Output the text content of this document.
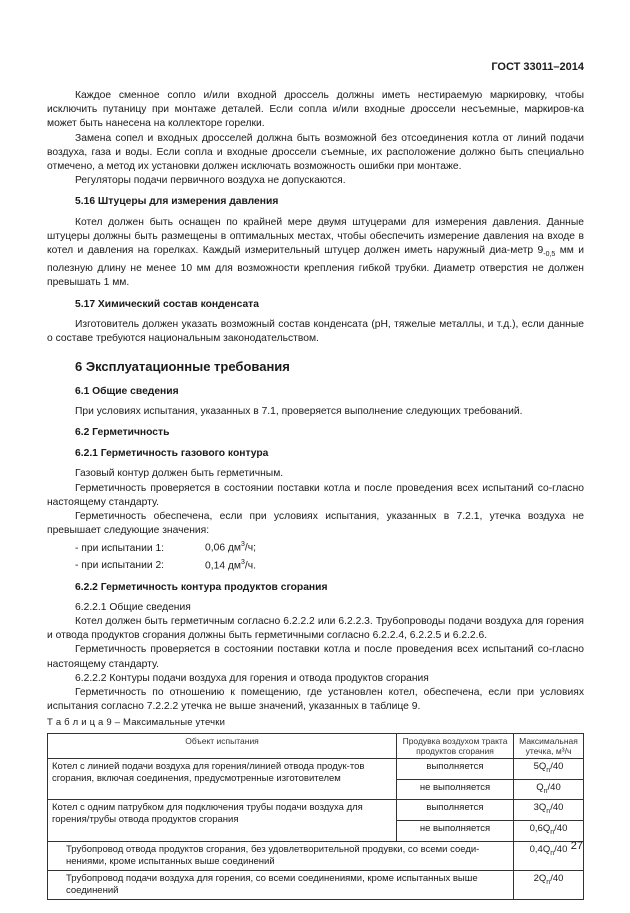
ГОСТ 33011–2014

Каждое сменное сопло и/или входной дроссель должны иметь нестираемую маркировку, чтобы исключить путаницу при монтаже деталей. Если сопла и/или входные дроссели несъемные, маркиров-ка может быть нанесена на коллекторе горелки.

Замена сопел и входных дросселей должна быть возможной без отсоединения котла от линий подачи воздуха, газа и воды. Если сопла и входные дроссели съемные, их расположение должно быть специально отмечено, а метод их установки должен исключать возможность ошибки при монтаже.

Регуляторы подачи первичного воздуха не допускаются.

5.16 Штуцеры для измерения давления

Котел должен быть оснащен по крайней мере двумя штуцерами для измерения давления. Данные штуцеры должны быть размещены в оптимальных местах, чтобы обеспечить измерение давления на входе в котел и давления на горелках. Каждый измерительный штуцер должен иметь наружный диа-метр $9_{-0,5}$ мм и полезную длину не менее 10 мм для возможности крепления гибкой трубки. Диаметр отверстия не должен превышать 1 мм.

5.17 Химический состав конденсата

Изготовитель должен указать возможный состав конденсата (pH, тяжелые металлы, и т.д.), если данные о составе требуются национальным законодательством.

6 Эксплуатационные требования
6.1 Общие сведения

При условиях испытания, указанных в 7.1, проверяется выполнение следующих требований.

6.2 Герметичность
6.2.1 Герметичность газового контура

Газовый контур должен быть герметичным.

Герметичность проверяется в состоянии поставки котла и после проведения всех испытаний со-гласно настоящему стандарту.

Герметичность обеспечена, если при условиях испытания, указанных в 7.2.1, утечка воздуха не превышает следующие значения:

- при испытании 1:	0,06 $дм^3/ч$;
- при испытании 2:	0,14 $дм^3/ч$.
6.2.2 Герметичность контура продуктов сгорания

6.2.2.1 Общие сведения

Котел должен быть герметичным согласно 6.2.2.2 или 6.2.2.3. Трубопроводы подачи воздуха для горения и отвода продуктов сгорания должны быть герметичными согласно 6.2.2.4, 6.2.2.5 и 6.2.2.6.

Герметичность проверяется в состоянии поставки котла и после проведения всех испытаний со-гласно настоящему стандарту.

6.2.2.2 Контуры подачи воздуха для горения и отвода продуктов сгорания

Герметичность по отношению к помещению, где установлен котел, обеспечена, если при условиях испытания согласно 7.2.2.2 утечка не выше значений, указанных в таблице 9.

Т а б л и ц а 9 – Максимальные утечки
Объект испытания	Продувка воздухом тракта продуктов сгорания	Максимальная утечка, м³/ч
Котел с линией подачи воздуха для горения/линией отвода продук-тов сгорания, включая соединения, предусмотренные изготовителем	выполняется	$5Q_n/40$
	не выполняется	$Q_n/40$
Котел с одним патрубком для подключения трубы подачи воздуха для горения/трубы отвода продуктов сгорания	выполняется	$3Q_n/40$
	не выполняется	$0,6Q_n/40$
Трубопровод отвода продуктов сгорания, без удовлетворительной продувки, со всеми соеди-нениями, кроме испытанных выше соединений		$0,4Q_n/40$
Трубопровод подачи воздуха для горения, со всеми соединениями, кроме испытанных выше соединений		$2Q_n/40$
27
